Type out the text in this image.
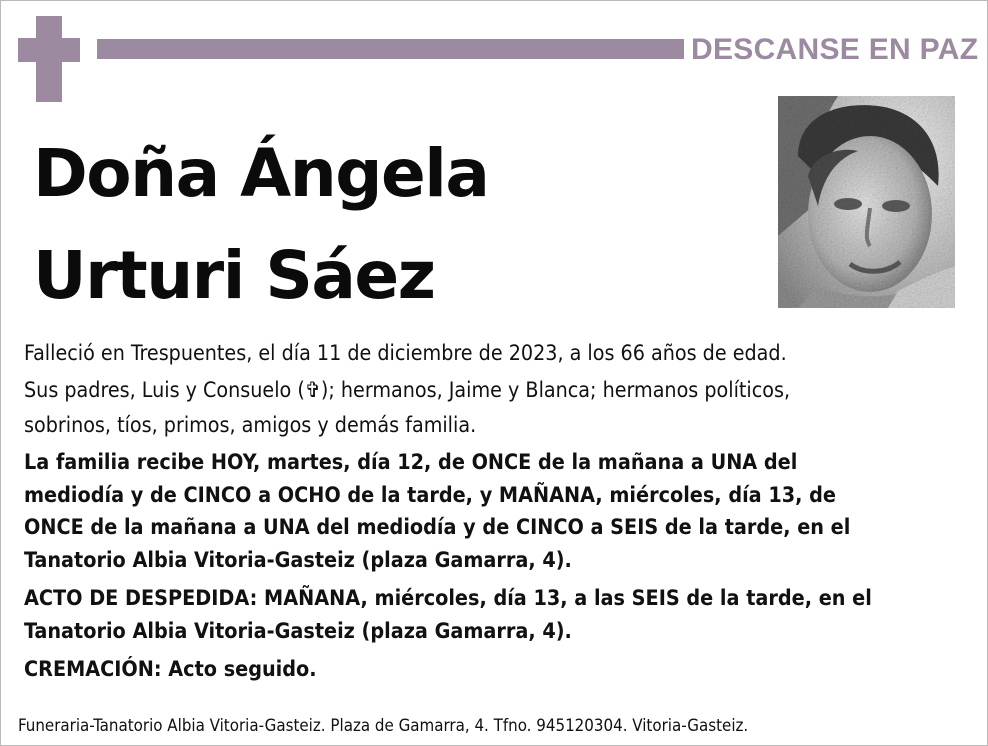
DESCANSE EN PAZ
Doña Ángela
Urturi Sáez
Falleció en Trespuentes, el día 11 de diciembre de 2023, a los 66 años de edad.
Sus padres, Luis y Consuelo (✞); hermanos, Jaime y Blanca; hermanos políticos,
sobrinos, tíos, primos, amigos y demás familia.
La familia recibe HOY, martes, día 12, de ONCE de la mañana a UNA del
mediodía y de CINCO a OCHO de la tarde, y MAÑANA, miércoles, día 13, de
ONCE de la mañana a UNA del mediodía y de CINCO a SEIS de la tarde, en el
Tanatorio Albia Vitoria-Gasteiz (plaza Gamarra, 4).
ACTO DE DESPEDIDA: MAÑANA, miércoles, día 13, a las SEIS de la tarde, en el
Tanatorio Albia Vitoria-Gasteiz (plaza Gamarra, 4).
CREMACIÓN: Acto seguido.
Funeraria-Tanatorio Albia Vitoria-Gasteiz. Plaza de Gamarra, 4. Tfno. 945120304. Vitoria-Gasteiz.
